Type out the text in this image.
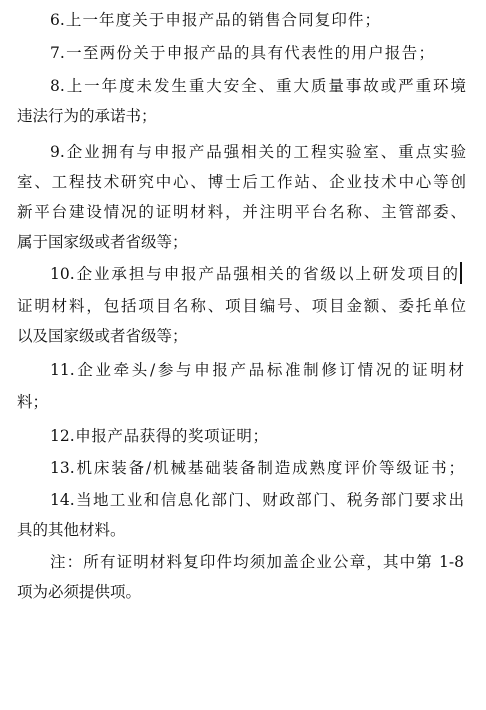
6.上一年度关于申报产品的销售合同复印件；
7.一至两份关于申报产品的具有代表性的用户报告；
8.上一年度未发生重大安全、重大质量事故或严重环境
违法行为的承诺书；
9.企业拥有与申报产品强相关的工程实验室、重点实验
室、工程技术研究中心、博士后工作站、企业技术中心等创
新平台建设情况的证明材料，并注明平台名称、主管部委、
属于国家级或者省级等；
10.企业承担与申报产品强相关的省级以上研发项目的
证明材料，包括项目名称、项目编号、项目金额、委托单位
以及国家级或者省级等；
11.企业牵头/参与申报产品标准制修订情况的证明材
料；
12.申报产品获得的奖项证明；
13.机床装备/机械基础装备制造成熟度评价等级证书；
14.当地工业和信息化部门、财政部门、税务部门要求出
具的其他材料。
注：所有证明材料复印件均须加盖企业公章，其中第 1-8
项为必须提供项。
